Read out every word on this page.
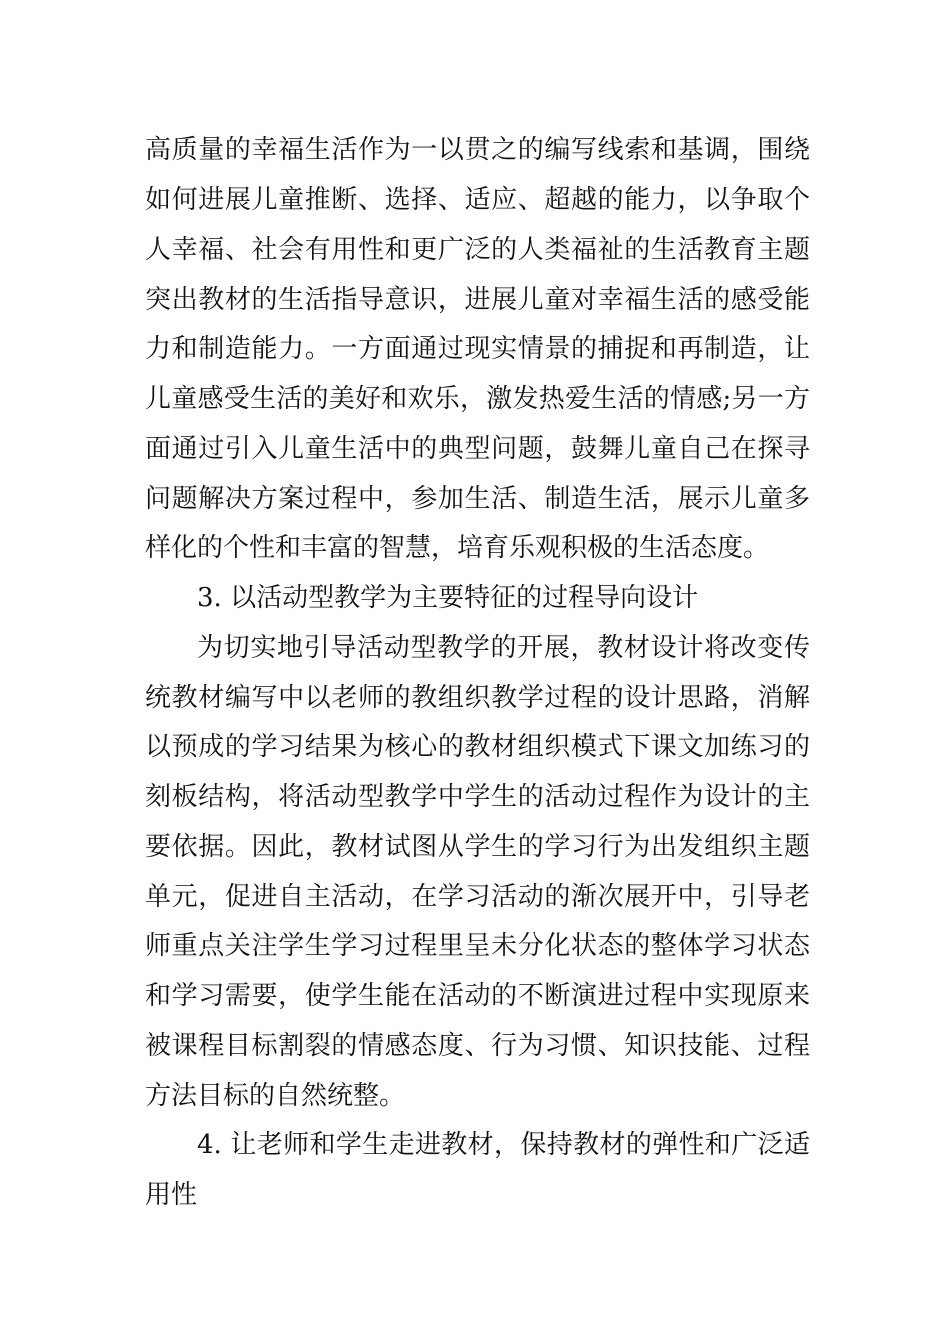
高质量的幸福生活作为一以贯之的编写线索和基调，围绕
如何进展儿童推断、选择、适应、超越的能力，以争取个
人幸福、社会有用性和更广泛的人类福祉的生活教育主题
突出教材的生活指导意识，进展儿童对幸福生活的感受能
力和制造能力。一方面通过现实情景的捕捉和再制造，让
儿童感受生活的美好和欢乐，激发热爱生活的情感;另一方
面通过引入儿童生活中的典型问题，鼓舞儿童自己在探寻
问题解决方案过程中，参加生活、制造生活，展示儿童多
样化的个性和丰富的智慧，培育乐观积极的生活态度。
3. 以活动型教学为主要特征的过程导向设计
为切实地引导活动型教学的开展，教材设计将改变传
统教材编写中以老师的教组织教学过程的设计思路，消解
以预成的学习结果为核心的教材组织模式下课文加练习的
刻板结构，将活动型教学中学生的活动过程作为设计的主
要依据。因此，教材试图从学生的学习行为出发组织主题
单元，促进自主活动，在学习活动的渐次展开中，引导老
师重点关注学生学习过程里呈未分化状态的整体学习状态
和学习需要，使学生能在活动的不断演进过程中实现原来
被课程目标割裂的情感态度、行为习惯、知识技能、过程
方法目标的自然统整。
4. 让老师和学生走进教材，保持教材的弹性和广泛适
用性
